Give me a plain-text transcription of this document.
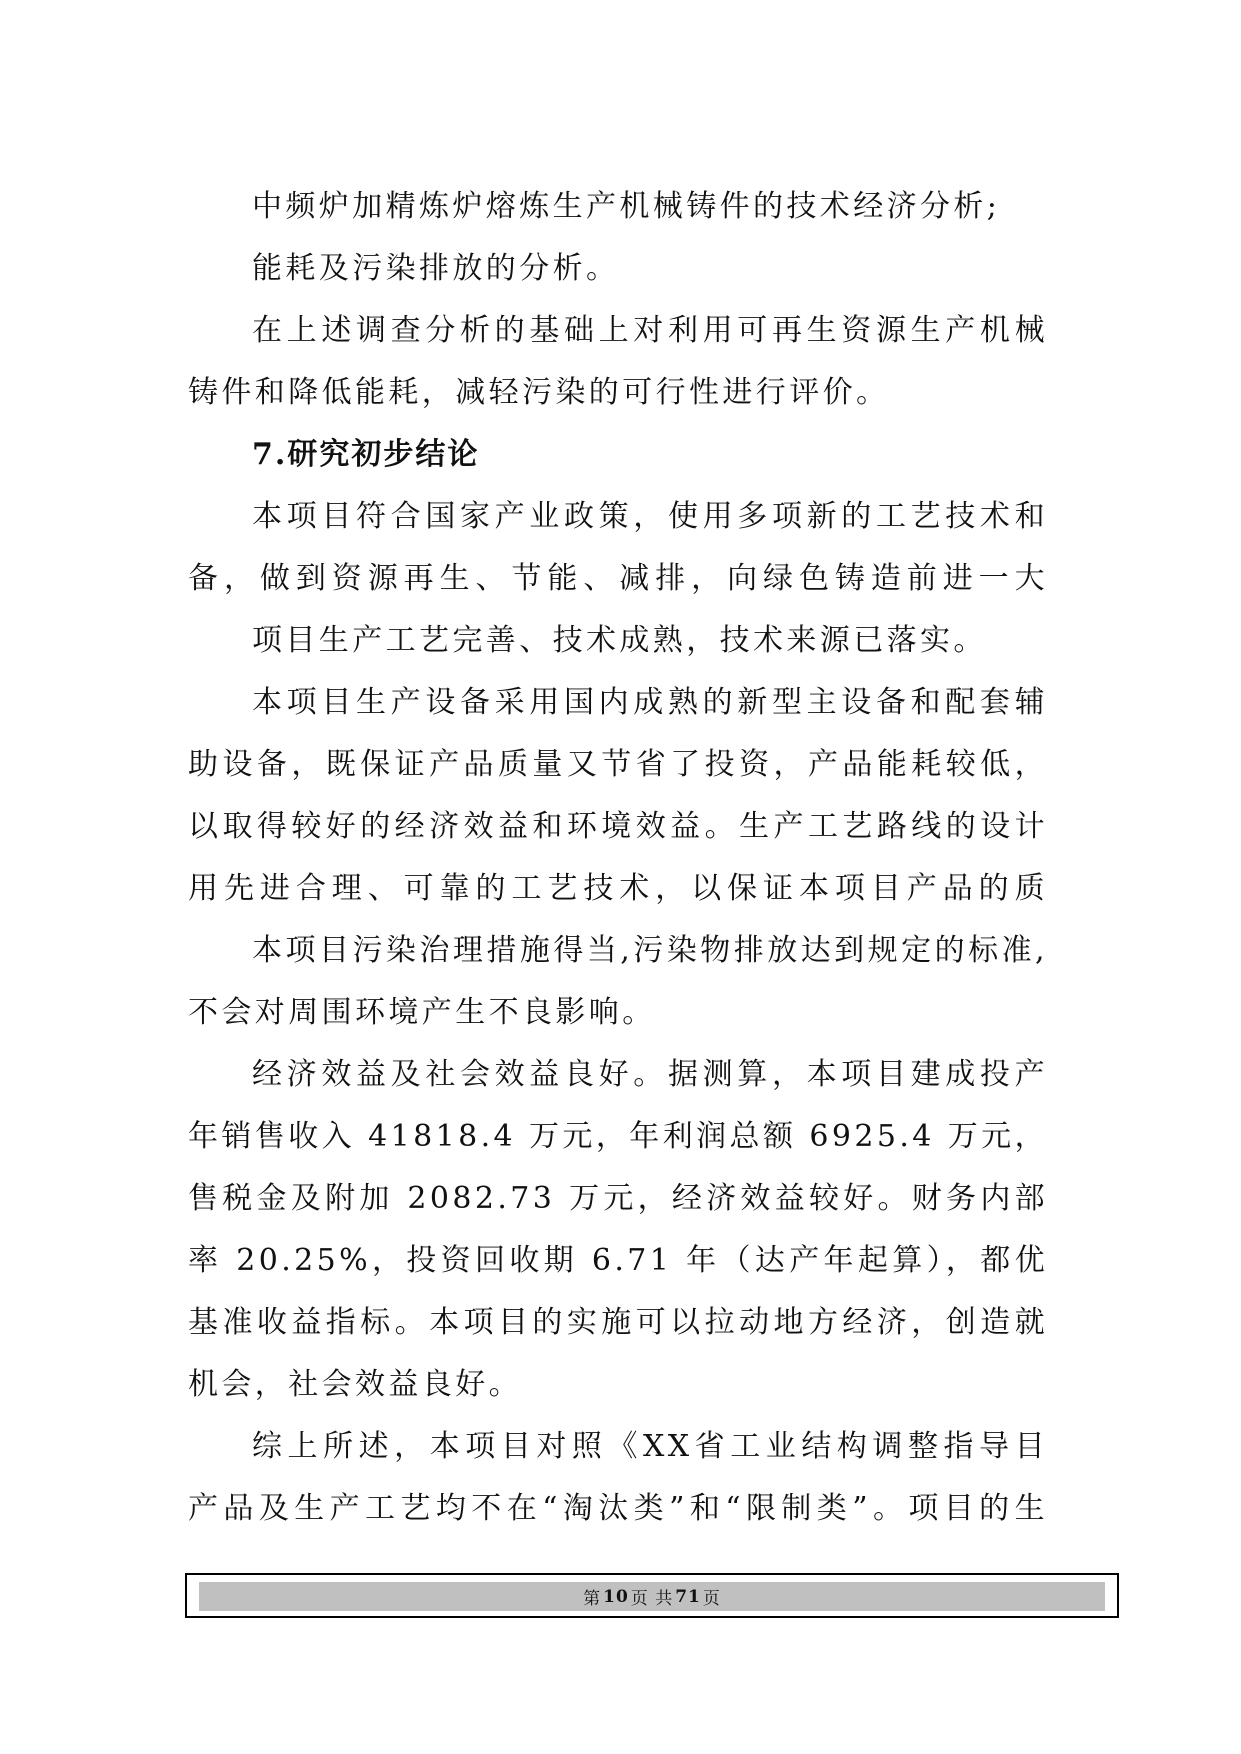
中频炉加精炼炉熔炼生产机械铸件的技术经济分析;
能耗及污染排放的分析。
在上述调查分析的基础上对利用可再生资源生产机械
铸件和降低能耗，减轻污染的可行性进行评价。
7.研究初步结论
本项目符合国家产业政策，使用多项新的工艺技术和
备，做到资源再生、节能、减排，向绿色铸造前进一大
项目生产工艺完善、技术成熟，技术来源已落实。
本项目生产设备采用国内成熟的新型主设备和配套辅
助设备，既保证产品质量又节省了投资，产品能耗较低，
以取得较好的经济效益和环境效益。生产工艺路线的设计
用先进合理、可靠的工艺技术，以保证本项目产品的质
本项目污染治理措施得当,污染物排放达到规定的标准,
不会对周围环境产生不良影响。
经济效益及社会效益良好。据测算，本项目建成投产
年销售收入 41818.4 万元，年利润总额 6925.4 万元，
售税金及附加 2082.73 万元，经济效益较好。财务内部
率 20.25%，投资回收期 6.71 年（达产年起算），都优
基准收益指标。本项目的实施可以拉动地方经济，创造就
机会，社会效益良好。
综上所述，本项目对照《XX省工业结构调整指导目
产品及生产工艺均不在“淘汰类”和“限制类”。项目的生
第 10 页 共 71 页
